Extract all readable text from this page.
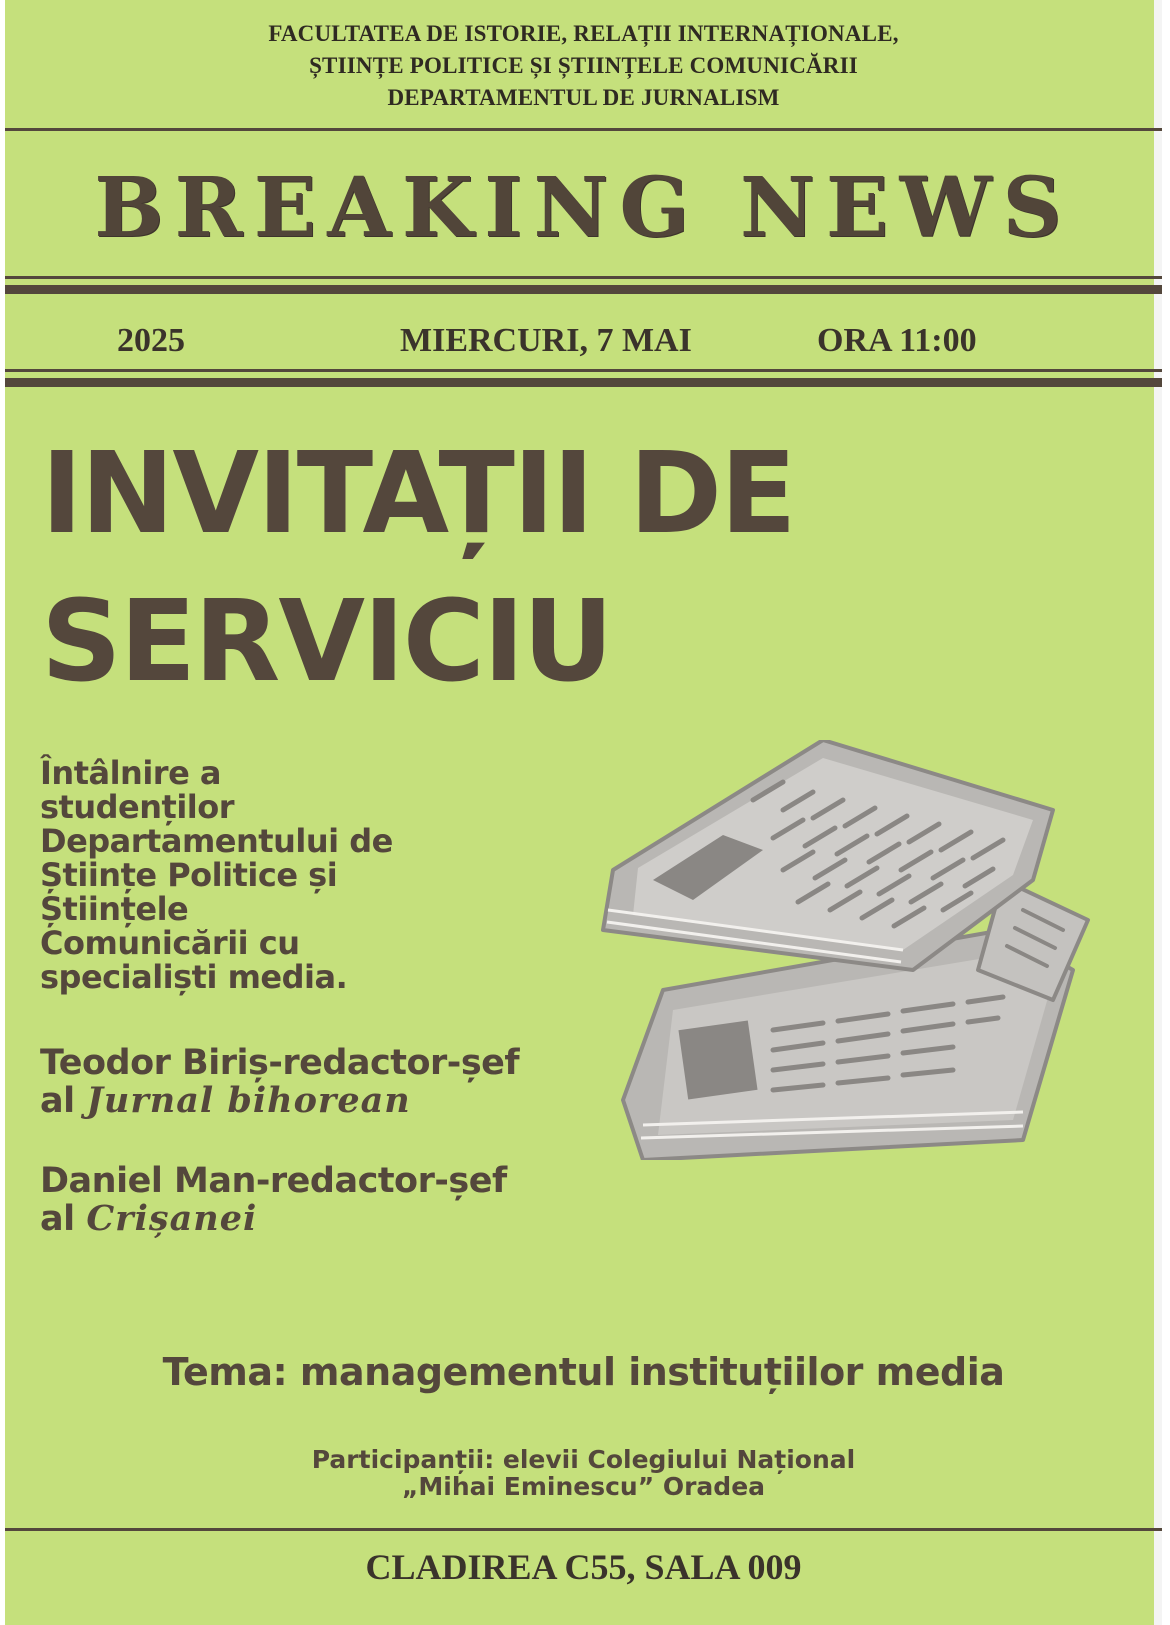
FACULTATEA DE ISTORIE, RELAȚII INTERNAȚIONALE,
ȘTIINȚE POLITICE ȘI ȘTIINȚELE COMUNICĂRII
DEPARTAMENTUL DE JURNALISM
BREAKING NEWS
2025	MIERCURI, 7 MAI	ORA 11:00
INVITAȚII DE
SERVICIU
Întâlnire a
studenților
Departamentului de
Științe Politice și
Științele
Comunicării cu
specialiști media.
Teodor Biriș-redactor-șef
al Jurnal bihorean
Daniel Man-redactor-șef
al Crișanei
Tema: managementul instituțiilor media
Participanții: elevii Colegiului Național
„Mihai Eminescu” Oradea
CLADIREA C55, SALA 009
